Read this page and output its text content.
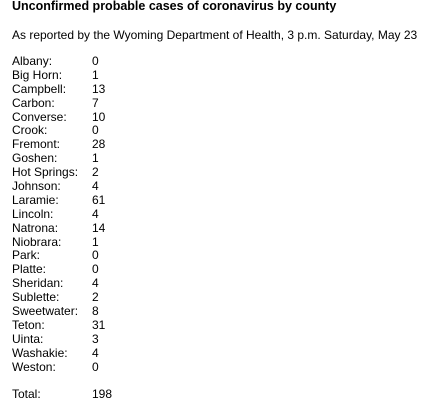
Unconfirmed probable cases of coronavirus by county
As reported by the Wyoming Department of Health, 3 p.m. Saturday, May 23
Albany:	0
Big Horn:	1
Campbell:	13
Carbon:	7
Converse:	10
Crook:	0
Fremont:	28
Goshen:	1
Hot Springs:	2
Johnson:	4
Laramie:	61
Lincoln:	4
Natrona:	14
Niobrara:	1
Park:	0
Platte:	0
Sheridan:	4
Sublette:	2
Sweetwater:	8
Teton:	31
Uinta:	3
Washakie:	4
Weston:	0
Total:	198
